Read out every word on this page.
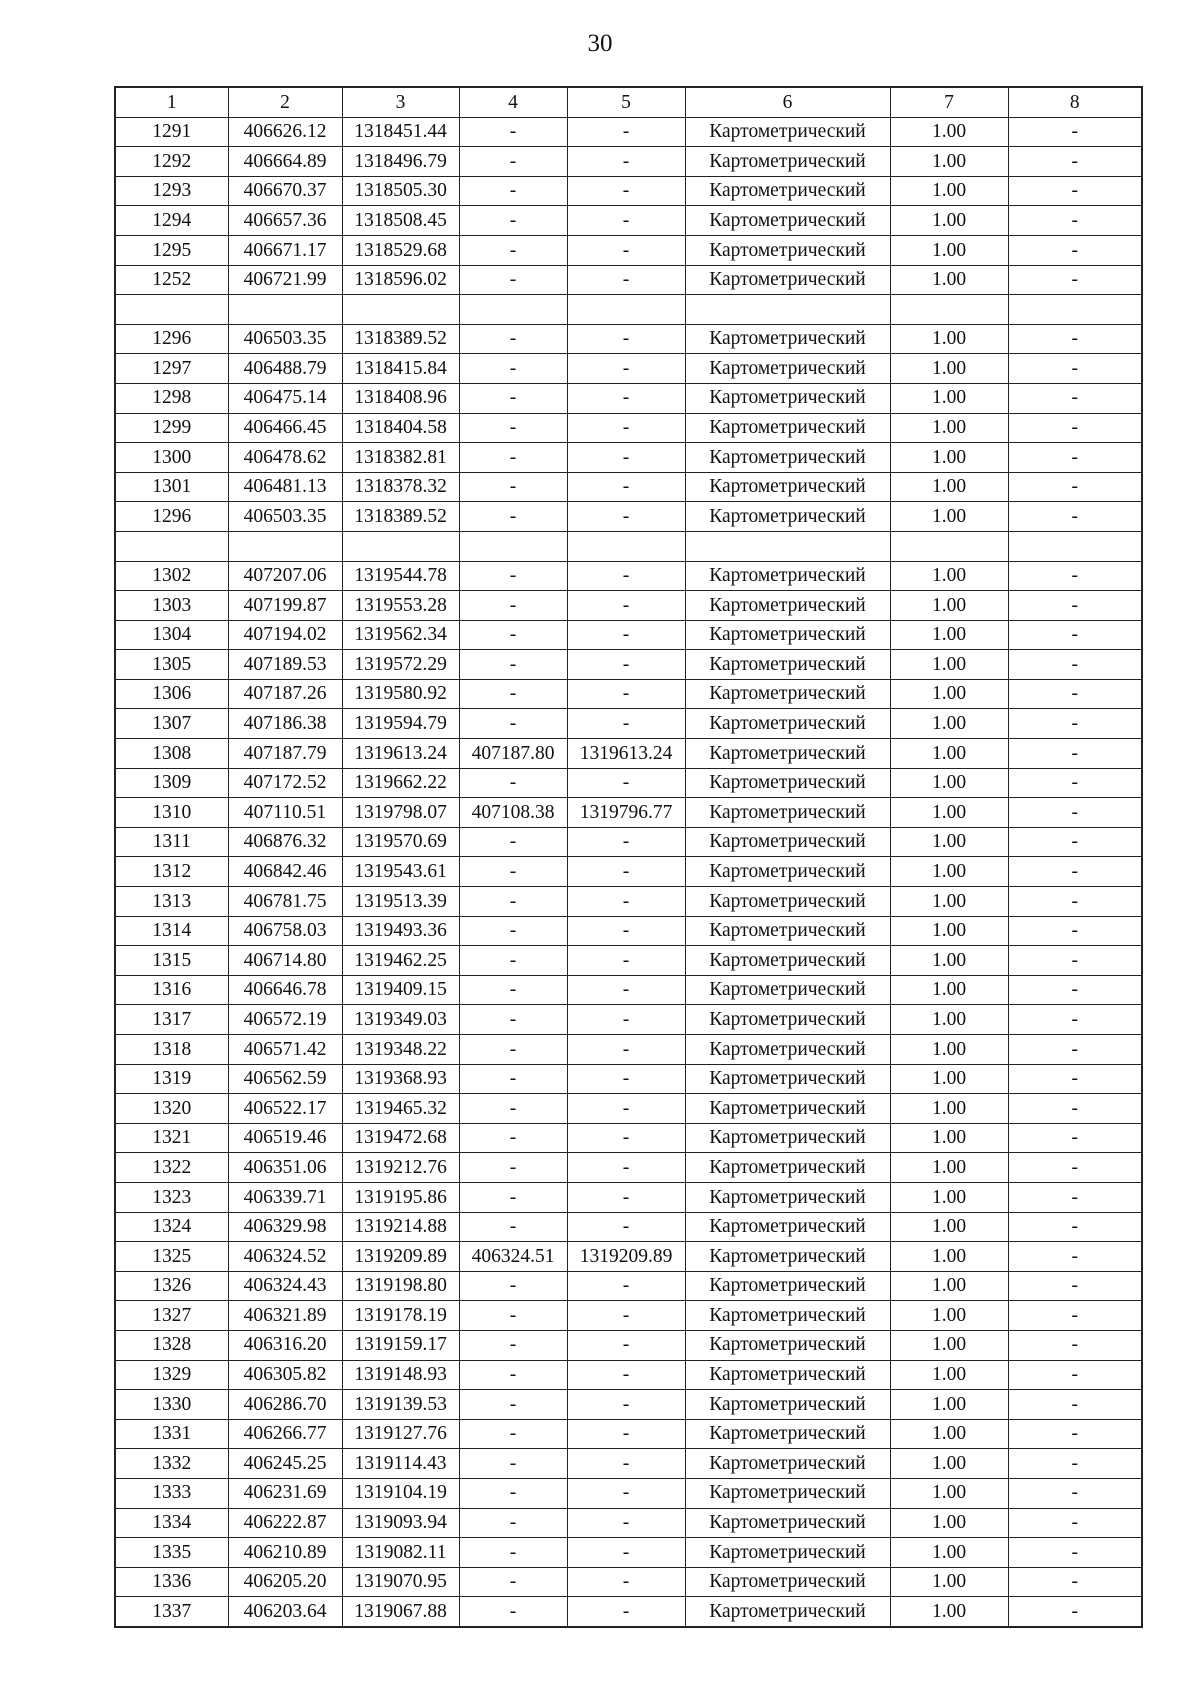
30
1	2	3	4	5	6	7	8
1291	406626.12	1318451.44	-	-	Картометрический	1.00	-
1292	406664.89	1318496.79	-	-	Картометрический	1.00	-
1293	406670.37	1318505.30	-	-	Картометрический	1.00	-
1294	406657.36	1318508.45	-	-	Картометрический	1.00	-
1295	406671.17	1318529.68	-	-	Картометрический	1.00	-
1252	406721.99	1318596.02	-	-	Картометрический	1.00	-

1296	406503.35	1318389.52	-	-	Картометрический	1.00	-
1297	406488.79	1318415.84	-	-	Картометрический	1.00	-
1298	406475.14	1318408.96	-	-	Картометрический	1.00	-
1299	406466.45	1318404.58	-	-	Картометрический	1.00	-
1300	406478.62	1318382.81	-	-	Картометрический	1.00	-
1301	406481.13	1318378.32	-	-	Картометрический	1.00	-
1296	406503.35	1318389.52	-	-	Картометрический	1.00	-

1302	407207.06	1319544.78	-	-	Картометрический	1.00	-
1303	407199.87	1319553.28	-	-	Картометрический	1.00	-
1304	407194.02	1319562.34	-	-	Картометрический	1.00	-
1305	407189.53	1319572.29	-	-	Картометрический	1.00	-
1306	407187.26	1319580.92	-	-	Картометрический	1.00	-
1307	407186.38	1319594.79	-	-	Картометрический	1.00	-
1308	407187.79	1319613.24	407187.80	1319613.24	Картометрический	1.00	-
1309	407172.52	1319662.22	-	-	Картометрический	1.00	-
1310	407110.51	1319798.07	407108.38	1319796.77	Картометрический	1.00	-
1311	406876.32	1319570.69	-	-	Картометрический	1.00	-
1312	406842.46	1319543.61	-	-	Картометрический	1.00	-
1313	406781.75	1319513.39	-	-	Картометрический	1.00	-
1314	406758.03	1319493.36	-	-	Картометрический	1.00	-
1315	406714.80	1319462.25	-	-	Картометрический	1.00	-
1316	406646.78	1319409.15	-	-	Картометрический	1.00	-
1317	406572.19	1319349.03	-	-	Картометрический	1.00	-
1318	406571.42	1319348.22	-	-	Картометрический	1.00	-
1319	406562.59	1319368.93	-	-	Картометрический	1.00	-
1320	406522.17	1319465.32	-	-	Картометрический	1.00	-
1321	406519.46	1319472.68	-	-	Картометрический	1.00	-
1322	406351.06	1319212.76	-	-	Картометрический	1.00	-
1323	406339.71	1319195.86	-	-	Картометрический	1.00	-
1324	406329.98	1319214.88	-	-	Картометрический	1.00	-
1325	406324.52	1319209.89	406324.51	1319209.89	Картометрический	1.00	-
1326	406324.43	1319198.80	-	-	Картометрический	1.00	-
1327	406321.89	1319178.19	-	-	Картометрический	1.00	-
1328	406316.20	1319159.17	-	-	Картометрический	1.00	-
1329	406305.82	1319148.93	-	-	Картометрический	1.00	-
1330	406286.70	1319139.53	-	-	Картометрический	1.00	-
1331	406266.77	1319127.76	-	-	Картометрический	1.00	-
1332	406245.25	1319114.43	-	-	Картометрический	1.00	-
1333	406231.69	1319104.19	-	-	Картометрический	1.00	-
1334	406222.87	1319093.94	-	-	Картометрический	1.00	-
1335	406210.89	1319082.11	-	-	Картометрический	1.00	-
1336	406205.20	1319070.95	-	-	Картометрический	1.00	-
1337	406203.64	1319067.88	-	-	Картометрический	1.00	-
